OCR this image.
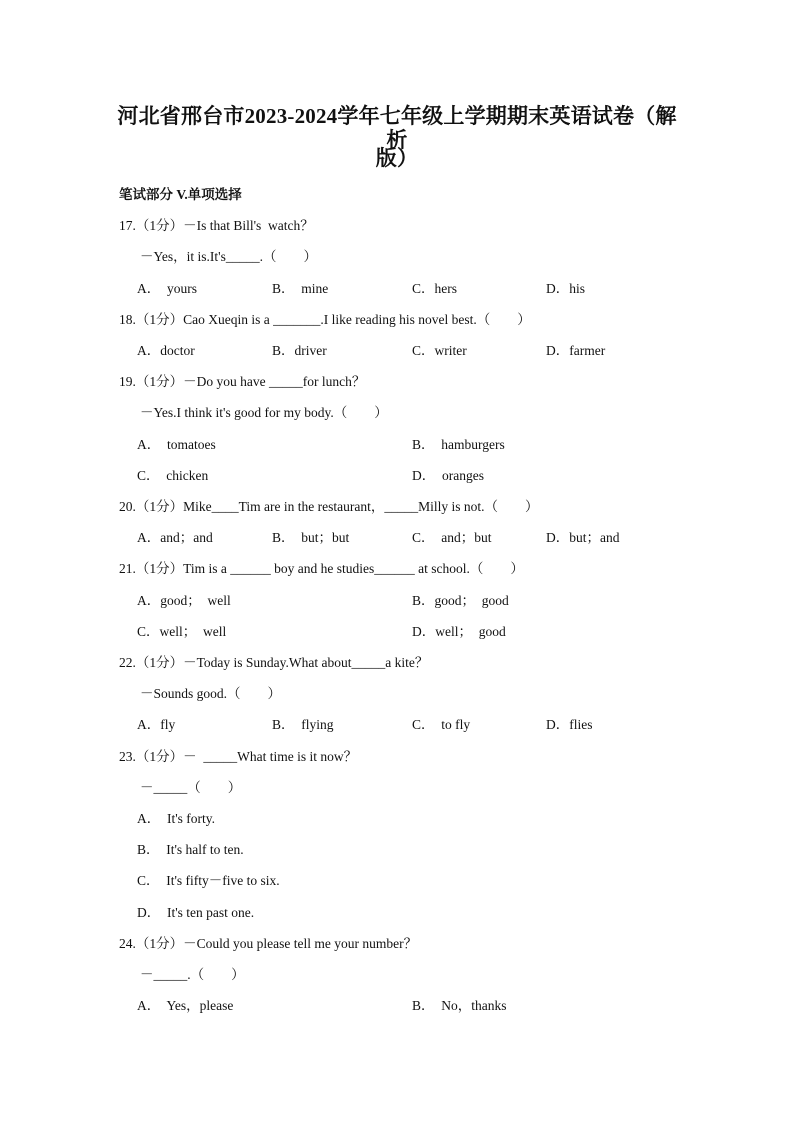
河北省邢台市2023-2024学年七年级上学期期末英语试卷（解析
版）
笔试部分 V.单项选择
17.（1分）－Is that Bill's  watch？
－Yes，it is.It's_____.（　　）
A．  yours	B．  mine	C．hers	D．his
18.（1分）Cao Xueqin is a _______.I like reading his novel best.（　　）
A．doctor	B．driver	C．writer	D．farmer
19.（1分）－Do you have _____for lunch？
－Yes.I think it's good for my body.（　　）
A．  tomatoes	B．  hamburgers
C．  chicken	D．  oranges
20.（1分）Mike____Tim are in the restaurant，_____Milly is not.（　　）
A．and；and	B．  but；but	C．  and；but	D．but；and
21.（1分）Tim is a ______ boy and he studies______ at school.（　　）
A．good；  well	B．good；  good
C．well；  well	D．well；  good
22.（1分）－Today is Sunday.What about_____a kite？
－Sounds good.（　　）
A．fly	B．  flying	C．  to fly	D．flies
23.（1分）－  _____What time is it now？
－_____（　　）
A．  It's forty.
B．  It's half to ten.
C．  It's fifty－five to six.
D．  It's ten past one.
24.（1分）－Could you please tell me your number？
－_____.（　　）
A．  Yes，please	B．  No，thanks
